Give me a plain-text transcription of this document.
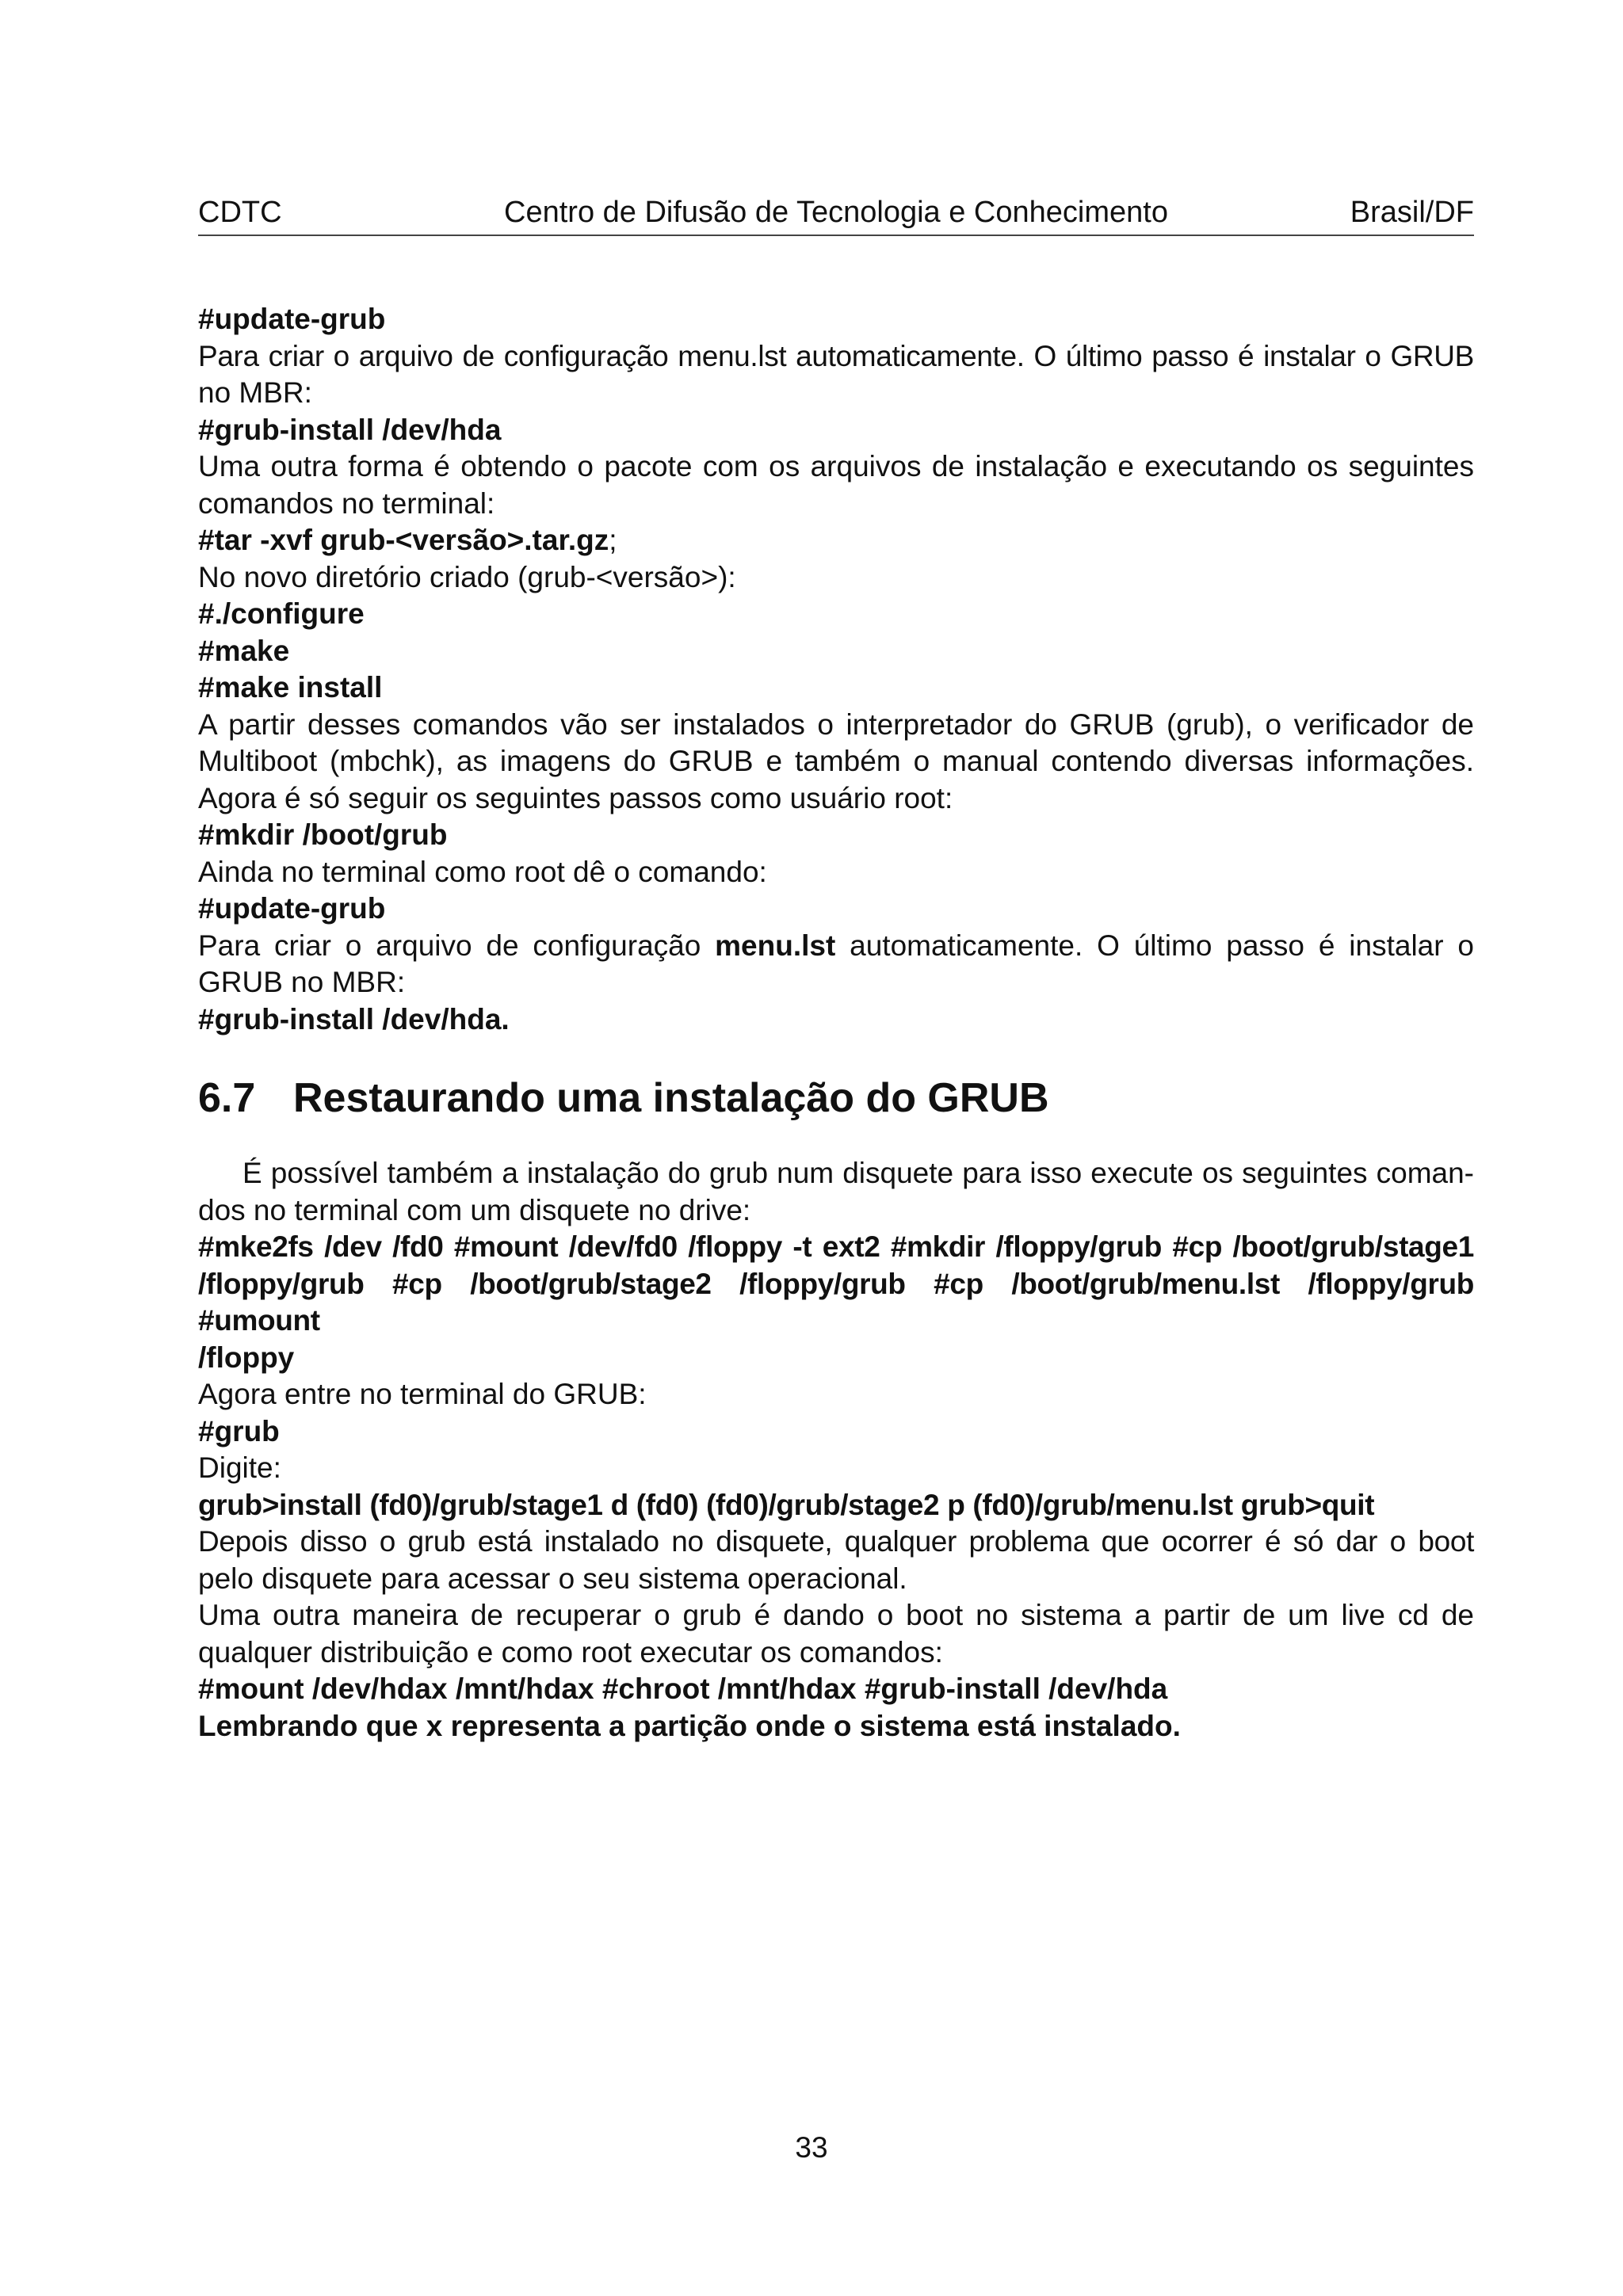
CDTC	Centro de Difusão de Tecnologia e Conhecimento	Brasil/DF
#update-grub
Para criar o arquivo de configuração menu.lst automaticamente. O último passo é instalar o GRUB
no MBR:
#grub-install /dev/hda
Uma outra forma é obtendo o pacote com os arquivos de instalação e executando os seguintes
comandos no terminal:
#tar -xvf grub-<versão>.tar.gz;
No novo diretório criado (grub-<versão>):
#./configure
#make
#make install
A partir desses comandos vão ser instalados o interpretador do GRUB (grub), o verificador de
Multiboot (mbchk), as imagens do GRUB e também o manual contendo diversas informações.
Agora é só seguir os seguintes passos como usuário root:
#mkdir /boot/grub
Ainda no terminal como root dê o comando:
#update-grub
Para criar o arquivo de configuração menu.lst automaticamente. O último passo é instalar o
GRUB no MBR:
#grub-install /dev/hda.
6.7 Restaurando uma instalação do GRUB
É possível também a instalação do grub num disquete para isso execute os seguintes coman-
dos no terminal com um disquete no drive:
#mke2fs /dev /fd0 #mount /dev/fd0 /floppy -t ext2 #mkdir /floppy/grub #cp /boot/grub/stage1
/floppy/grub #cp /boot/grub/stage2 /floppy/grub #cp /boot/grub/menu.lst /floppy/grub #umount
/floppy
Agora entre no terminal do GRUB:
#grub
Digite:
grub>install (fd0)/grub/stage1 d (fd0) (fd0)/grub/stage2 p (fd0)/grub/menu.lst grub>quit
Depois disso o grub está instalado no disquete, qualquer problema que ocorrer é só dar o boot
pelo disquete para acessar o seu sistema operacional.
Uma outra maneira de recuperar o grub é dando o boot no sistema a partir de um live cd de
qualquer distribuição e como root executar os comandos:
#mount /dev/hdax /mnt/hdax #chroot /mnt/hdax #grub-install /dev/hda
Lembrando que x representa a partição onde o sistema está instalado.
33
